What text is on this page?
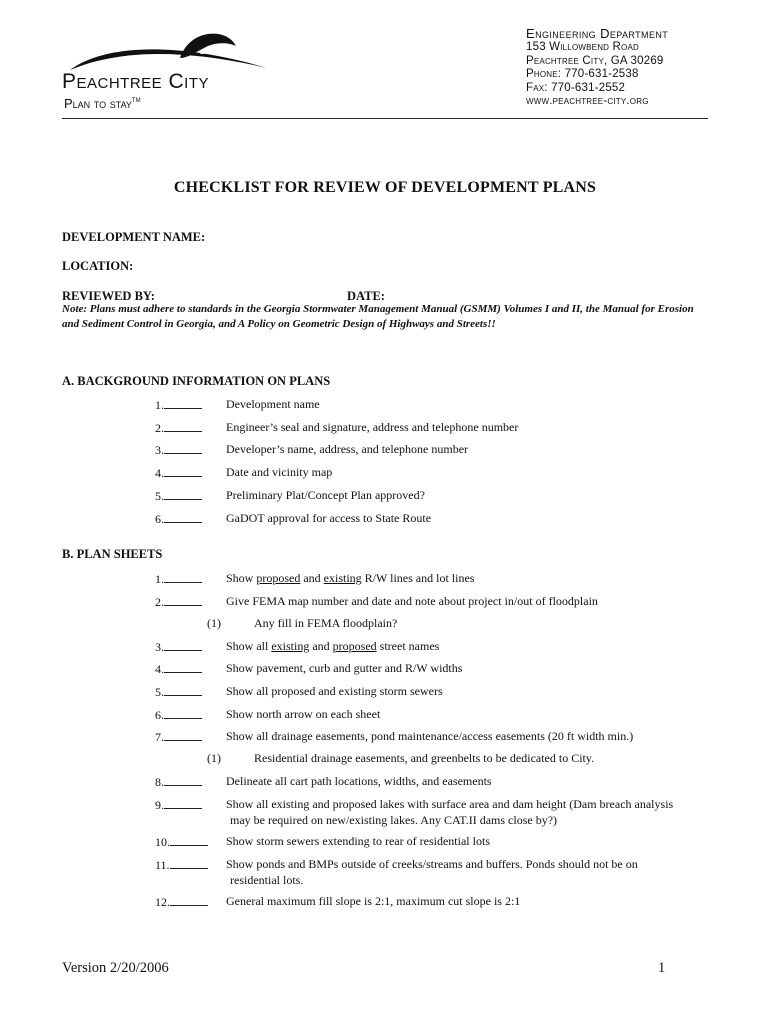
Peachtree City
Plan to stay™
Engineering Department
153 Willowbend Road
Peachtree City, GA 30269
Phone: 770-631-2538
Fax: 770-631-2552
www.peachtree-city.org
CHECKLIST FOR REVIEW OF DEVELOPMENT PLANS
DEVELOPMENT NAME:
LOCATION:
REVIEWED BY:	DATE:
Note: Plans must adhere to standards in the Georgia Stormwater Management Manual (GSMM) Volumes I and II, the Manual for Erosion and Sediment Control in Georgia, and A Policy on Geometric Design of Highways and Streets!!
A. BACKGROUND INFORMATION ON PLANS
1.	Development name
2.	Engineer’s seal and signature, address and telephone number
3.	Developer’s name, address, and telephone number
4.	Date and vicinity map
5.	Preliminary Plat/Concept Plan approved?
6.	GaDOT approval for access to State Route
B. PLAN SHEETS
1.	Show proposed and existing R/W lines and lot lines
2.	Give FEMA map number and date and note about project in/out of floodplain
(1)	Any fill in FEMA floodplain?
3.	Show all existing and proposed street names
4.	Show pavement, curb and gutter and R/W widths
5.	Show all proposed and existing storm sewers
6.	Show north arrow on each sheet
7.	Show all drainage easements, pond maintenance/access easements (20 ft width min.)
(1)	Residential drainage easements, and greenbelts to be dedicated to City.
8.	Delineate all cart path locations, widths, and easements
9.	Show all existing and proposed lakes with surface area and dam height (Dam breach analysis
may be required on new/existing lakes. Any CAT.II dams close by?)
10.	Show storm sewers extending to rear of residential lots
11.	Show ponds and BMPs outside of creeks/streams and buffers. Ponds should not be on
residential lots.
12.	General maximum fill slope is 2:1, maximum cut slope is 2:1
Version 2/20/2006	1
